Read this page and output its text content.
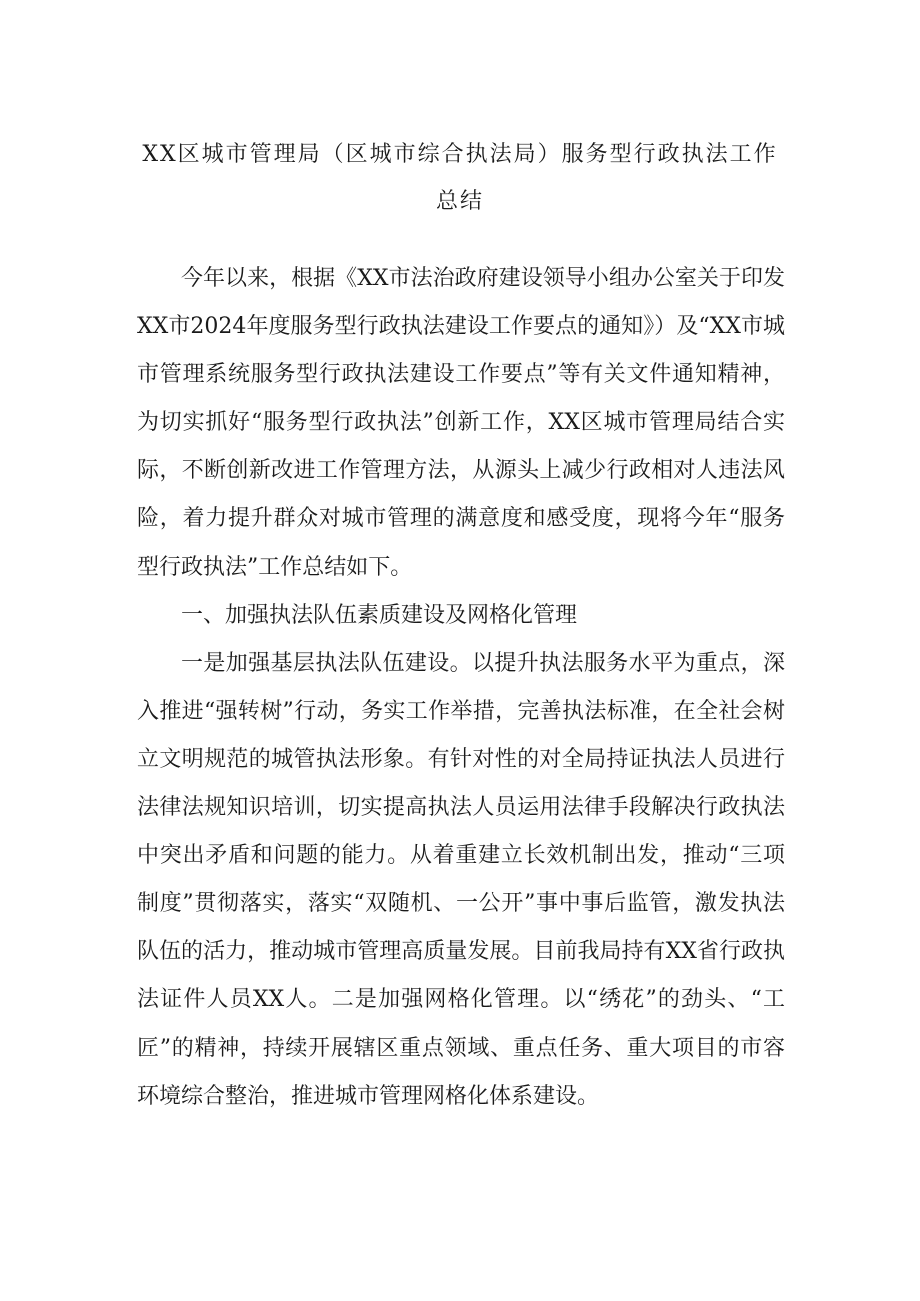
XX区城市管理局（区城市综合执法局）服务型行政执法工作
总结

今年以来，根据《XX市法治政府建设领导小组办公室关于印发XX市2024年度服务型行政执法建设工作要点的通知》）及“XX市城市管理系统服务型行政执法建设工作要点”等有关文件通知精神，为切实抓好“服务型行政执法”创新工作，XX区城市管理局结合实际，不断创新改进工作管理方法，从源头上减少行政相对人违法风险，着力提升群众对城市管理的满意度和感受度，现将今年“服务型行政执法”工作总结如下。

一、加强执法队伍素质建设及网格化管理

一是加强基层执法队伍建设。以提升执法服务水平为重点，深入推进“强转树”行动，务实工作举措，完善执法标准，在全社会树立文明规范的城管执法形象。有针对性的对全局持证执法人员进行法律法规知识培训，切实提高执法人员运用法律手段解决行政执法中突出矛盾和问题的能力。从着重建立长效机制出发，推动“三项制度”贯彻落实，落实“双随机、一公开”事中事后监管，激发执法队伍的活力，推动城市管理高质量发展。目前我局持有XX省行政执法证件人员XX人。二是加强网格化管理。以“绣花”的劲头、“工匠”的精神，持续开展辖区重点领域、重点任务、重大项目的市容环境综合整治，推进城市管理网格化体系建设。
